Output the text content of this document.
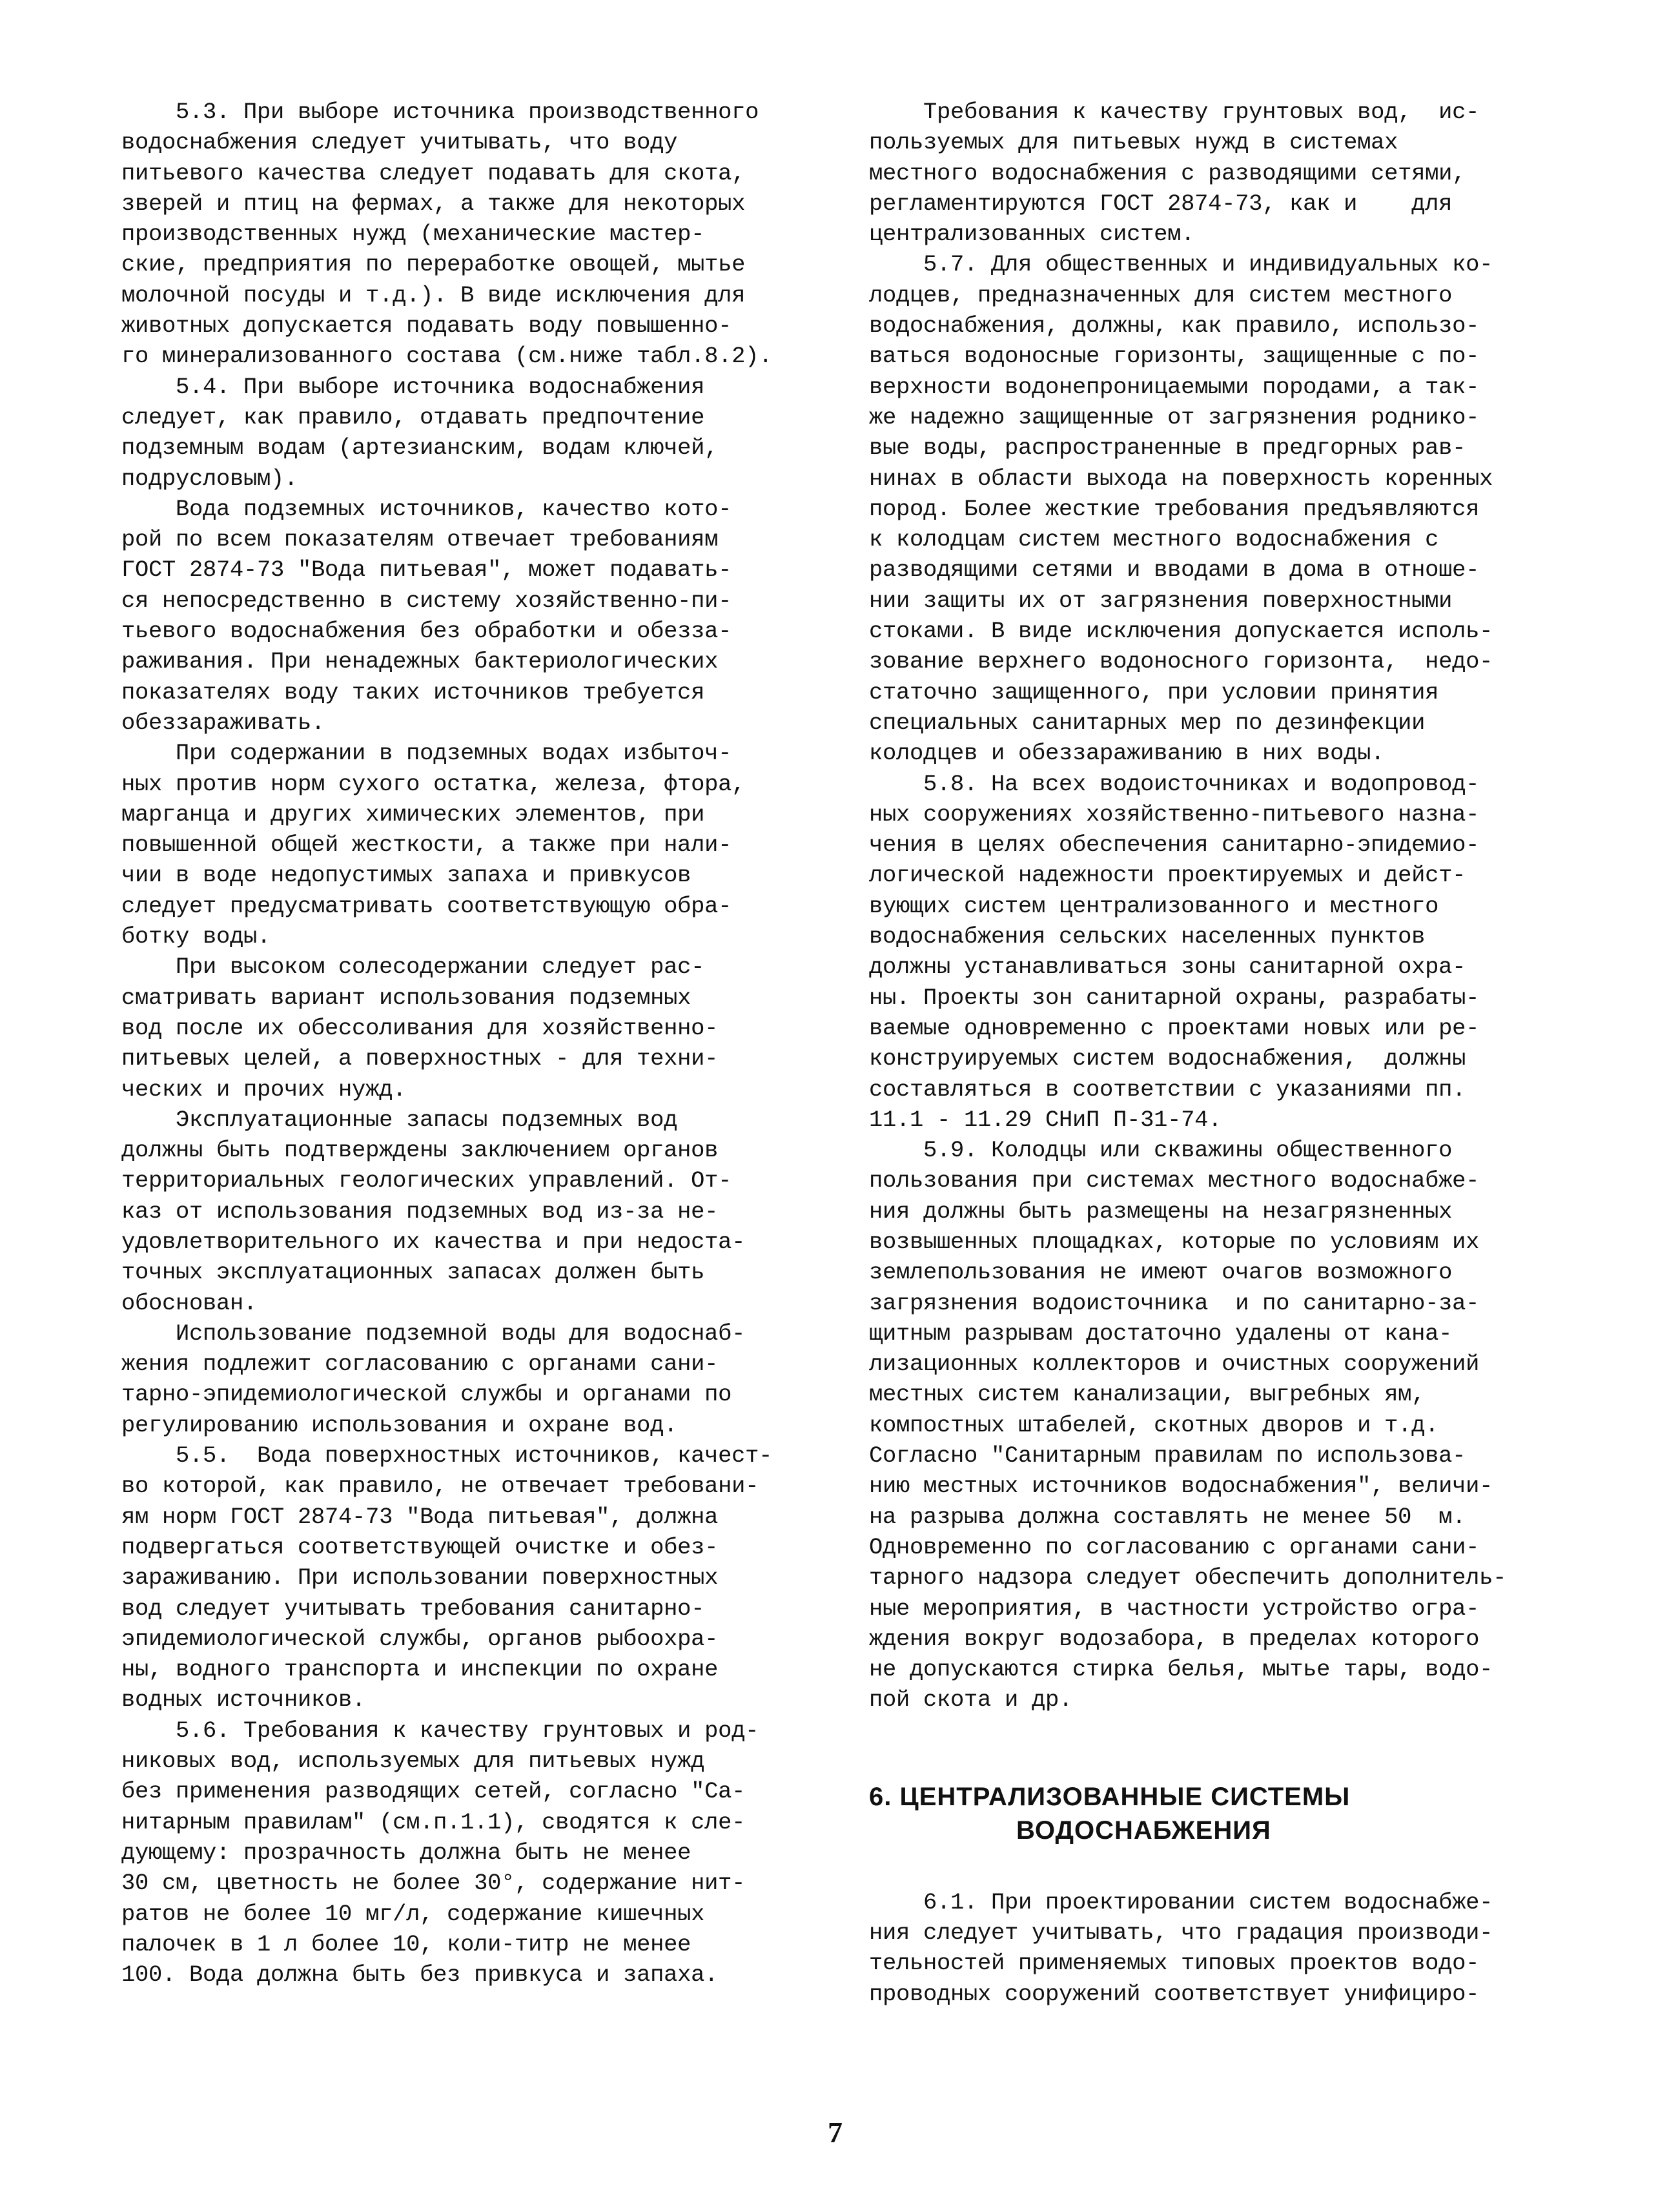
5.3. При выборе источника производственного
водоснабжения следует учитывать, что воду
питьевого качества следует подавать для скота,
зверей и птиц на фермах, а также для некоторых
производственных нужд (механические мастер-
ские, предприятия по переработке овощей, мытье
молочной посуды и т.д.). В виде исключения для
животных допускается подавать воду повышенно-
го минерализованного состава (см.ниже табл.8.2).
5.4. При выборе источника водоснабжения
следует, как правило, отдавать предпочтение
подземным водам (артезианским, водам ключей,
подрусловым).
Вода подземных источников, качество кото-
рой по всем показателям отвечает требованиям
ГОСТ 2874-73 "Вода питьевая", может подавать-
ся непосредственно в систему хозяйственно-пи-
тьевого водоснабжения без обработки и обезза-
раживания. При ненадежных бактериологических
показателях воду таких источников требуется
обеззараживать.
При содержании в подземных водах избыточ-
ных против норм сухого остатка, железа, фтора,
марганца и других химических элементов, при
повышенной общей жесткости, а также при нали-
чии в воде недопустимых запаха и привкусов
следует предусматривать соответствующую обра-
ботку воды.
При высоком солесодержании следует рас-
сматривать вариант использования подземных
вод после их обессоливания для хозяйственно-
питьевых целей, а поверхностных - для техни-
ческих и прочих нужд.
Эксплуатационные запасы подземных вод
должны быть подтверждены заключением органов
территориальных геологических управлений. От-
каз от использования подземных вод из-за не-
удовлетворительного их качества и при недоста-
точных эксплуатационных запасах должен быть
обоснован.
Использование подземной воды для водоснаб-
жения подлежит согласованию с органами сани-
тарно-эпидемиологической службы и органами по
регулированию использования и охране вод.
5.5.  Вода поверхностных источников, качест-
во которой, как правило, не отвечает требовани-
ям норм ГОСТ 2874-73 "Вода питьевая", должна
подвергаться соответствующей очистке и обез-
зараживанию. При использовании поверхностных
вод следует учитывать требования санитарно-
эпидемиологической службы, органов рыбоохра-
ны, водного транспорта и инспекции по охране
водных источников.
5.6. Требования к качеству грунтовых и род-
никовых вод, используемых для питьевых нужд
без применения разводящих сетей, согласно "Са-
нитарным правилам" (см.п.1.1), сводятся к сле-
дующему: прозрачность должна быть не менее
30 см, цветность не более 30°, содержание нит-
ратов не более 10 мг/л, содержание кишечных
палочек в 1 л более 10, коли-титр не менее
100. Вода должна быть без привкуса и запаха.
Требования к качеству грунтовых вод,  ис-
пользуемых для питьевых нужд в системах
местного водоснабжения с разводящими сетями,
регламентируются ГОСТ 2874-73, как и    для
централизованных систем.
5.7. Для общественных и индивидуальных ко-
лодцев, предназначенных для систем местного
водоснабжения, должны, как правило, использо-
ваться водоносные горизонты, защищенные с по-
верхности водонепроницаемыми породами, а так-
же надежно защищенные от загрязнения роднико-
вые воды, распространенные в предгорных рав-
нинах в области выхода на поверхность коренных
пород. Более жесткие требования предъявляются
к колодцам систем местного водоснабжения с
разводящими сетями и вводами в дома в отноше-
нии защиты их от загрязнения поверхностными
стоками. В виде исключения допускается исполь-
зование верхнего водоносного горизонта,  недо-
статочно защищенного, при условии принятия
специальных санитарных мер по дезинфекции
колодцев и обеззараживанию в них воды.
5.8. На всех водоисточниках и водопровод-
ных сооружениях хозяйственно-питьевого назна-
чения в целях обеспечения санитарно-эпидемио-
логической надежности проектируемых и дейст-
вующих систем централизованного и местного
водоснабжения сельских населенных пунктов
должны устанавливаться зоны санитарной охра-
ны. Проекты зон санитарной охраны, разрабаты-
ваемые одновременно с проектами новых или ре-
конструируемых систем водоснабжения,  должны
составляться в соответствии с указаниями пп.
11.1 - 11.29 СНиП П-31-74.
5.9. Колодцы или скважины общественного
пользования при системах местного водоснабже-
ния должны быть размещены на незагрязненных
возвышенных площадках, которые по условиям их
землепользования не имеют очагов возможного
загрязнения водоисточника  и по санитарно-за-
щитным разрывам достаточно удалены от кана-
лизационных коллекторов и очистных сооружений
местных систем канализации, выгребных ям,
компостных штабелей, скотных дворов и т.д.
Согласно "Санитарным правилам по использова-
нию местных источников водоснабжения", величи-
на разрыва должна составлять не менее 50  м.
Одновременно по согласованию с органами сани-
тарного надзора следует обеспечить дополнитель-
ные мероприятия, в частности устройство огра-
ждения вокруг водозабора, в пределах которого
не допускаются стирка белья, мытье тары, водо-
пой скота и др.
6. ЦЕНТРАЛИЗОВАННЫЕ СИСТЕМЫ
ВОДОСНАБЖЕНИЯ
6.1. При проектировании систем водоснабже-
ния следует учитывать, что градация производи-
тельностей применяемых типовых проектов водо-
проводных сооружений соответствует унифициро-
7
